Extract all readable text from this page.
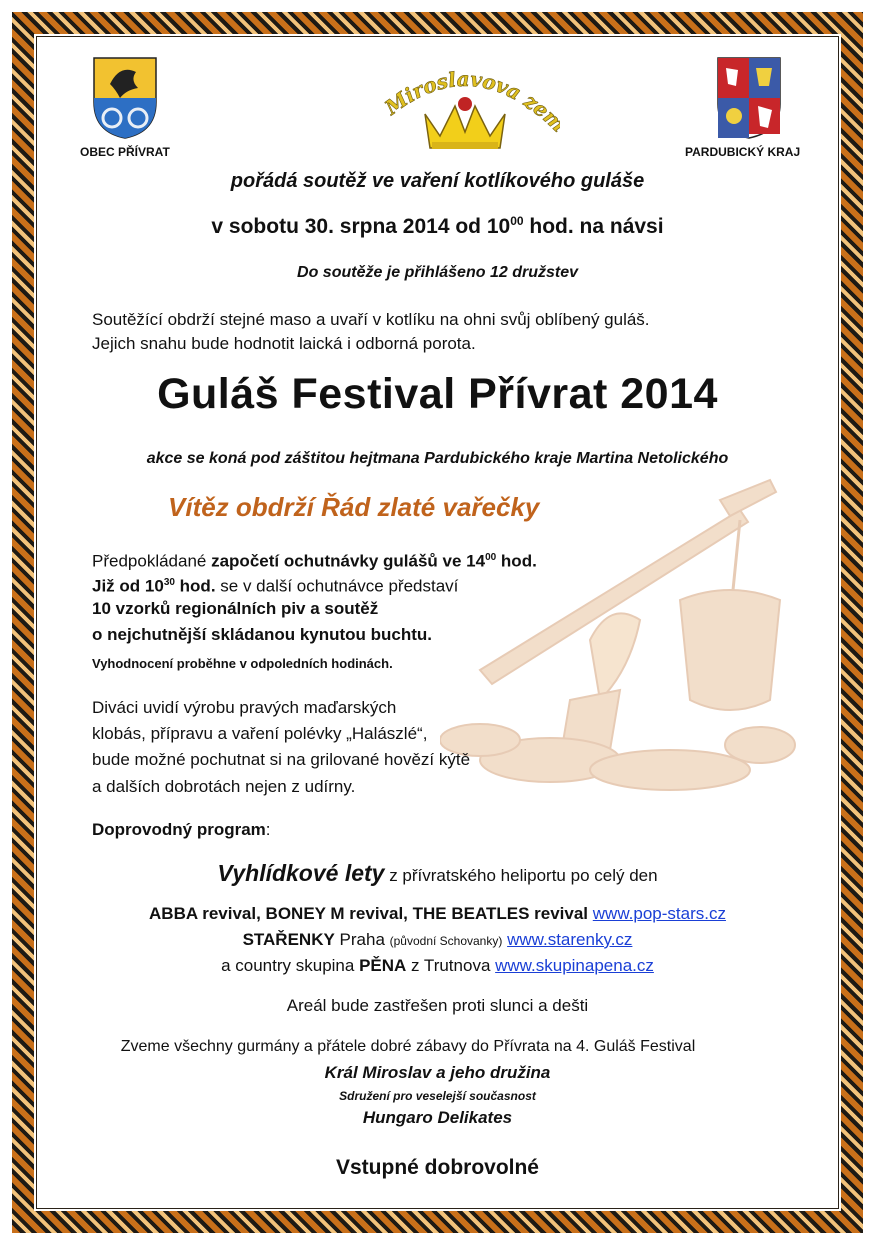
OBEC PŘÍVRAT
Miroslavova ze
PARDUBICKÝ KRAJ
pořádá soutěž ve vaření kotlíkového guláše
v sobotu 30. srpna 2014 od $10^{00}$ hod. na návsi
Do soutěže je přihlášeno 12 družstev
Soutěžící obdrží stejné maso a uvaří v kotlíku na ohni svůj oblíbený guláš.
Jejich snahu bude hodnotit laická i odborná porota.
Guláš Festival Přívrat 2014
akce se koná pod záštitou hejtmana Pardubického kraje Martina Netolického
Vítěz obdrží Řád zlaté vařečky
Předpokládané započetí ochutnávky gulášů ve $14^{00}$ hod.
Již od $10^{30}$ hod. se v další ochutnávce představí
10 vzorků regionálních piv a soutěž
o nejchutnější skládanou kynutou buchtu.
Vyhodnocení proběhne v odpoledních hodinách.
Diváci uvidí výrobu pravých maďarských
klobás, přípravu a vaření polévky „Halászlé“,
bude možné pochutnat si na grilované hovězí kýtě
a dalších dobrotách nejen z udírny.
Doprovodný program:
Vyhlídkové lety z přívratského heliportu po celý den
ABBA revival, BONEY M revival, THE BEATLES revival www.pop-stars.cz
STAŘENKY Praha (původní Schovanky) www.starenky.cz
a country skupina PĚNA z Trutnova www.skupinapena.cz
Areál bude zastřešen proti slunci a dešti
Zveme všechny gurmány a přátele dobré zábavy do Přívrata na 4. Guláš Festival
Král Miroslav a jeho družina
Sdružení pro veselejší současnost
Hungaro Delikates
Vstupné dobrovolné
